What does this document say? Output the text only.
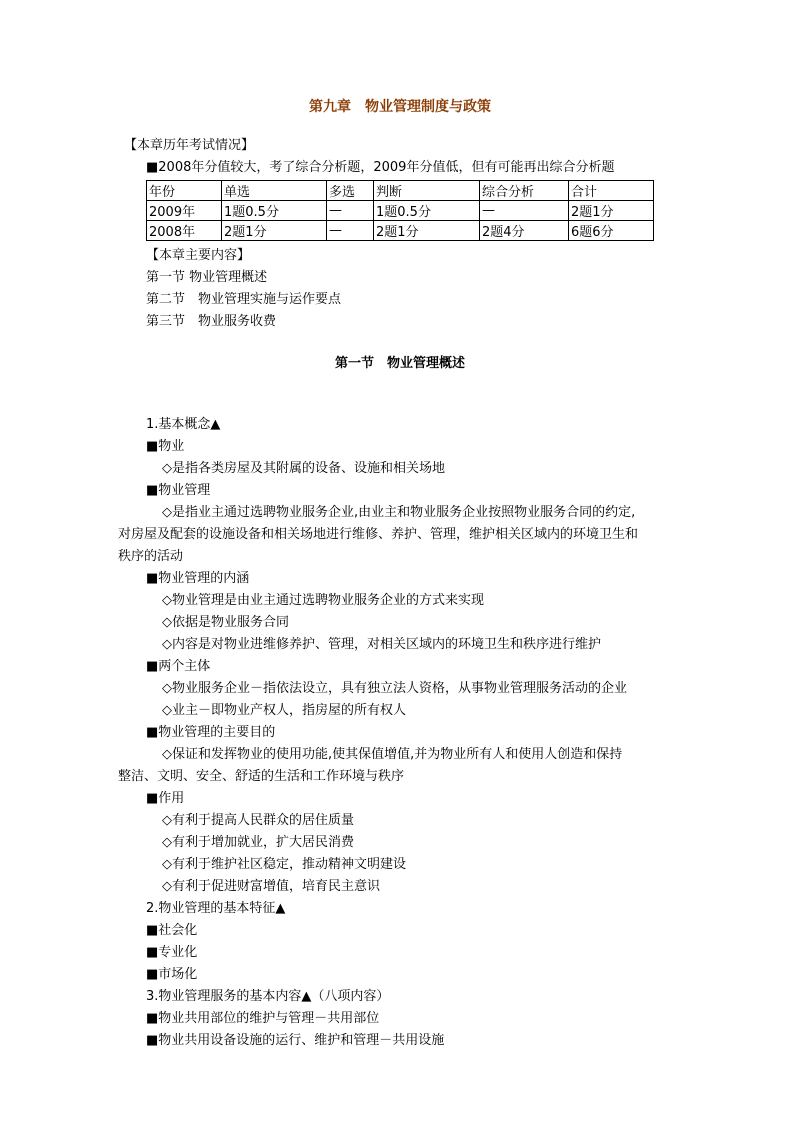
第九章　物业管理制度与政策
【本章历年考试情况】
■2008年分值较大，考了综合分析题，2009年分值低，但有可能再出综合分析题
年份	单选	多选	判断	综合分析	合计
2009年	1题0.5分	—	1题0.5分	—	2题1分
2008年	2题1分	—	2题1分	2题4分	6题6分
【本章主要内容】
第一节 物业管理概述
第二节　物业管理实施与运作要点
第三节　物业服务收费
第一节　物业管理概述
1.基本概念▲
■物业
◇是指各类房屋及其附属的设备、设施和相关场地
■物业管理
◇是指业主通过选聘物业服务企业,由业主和物业服务企业按照物业服务合同的约定,
对房屋及配套的设施设备和相关场地进行维修、养护、管理，维护相关区域内的环境卫生和
秩序的活动
■物业管理的内涵
◇物业管理是由业主通过选聘物业服务企业的方式来实现
◇依据是物业服务合同
◇内容是对物业进维修养护、管理，对相关区域内的环境卫生和秩序进行维护
■两个主体
◇物业服务企业－指依法设立，具有独立法人资格，从事物业管理服务活动的企业
◇业主－即物业产权人，指房屋的所有权人
■物业管理的主要目的
◇保证和发挥物业的使用功能,使其保值增值,并为物业所有人和使用人创造和保持
整洁、文明、安全、舒适的生活和工作环境与秩序
■作用
◇有利于提高人民群众的居住质量
◇有利于增加就业，扩大居民消费
◇有利于维护社区稳定，推动精神文明建设
◇有利于促进财富增值，培育民主意识
2.物业管理的基本特征▲
■社会化
■专业化
■市场化
3.物业管理服务的基本内容▲（八项内容）
■物业共用部位的维护与管理－共用部位
■物业共用设备设施的运行、维护和管理－共用设施
